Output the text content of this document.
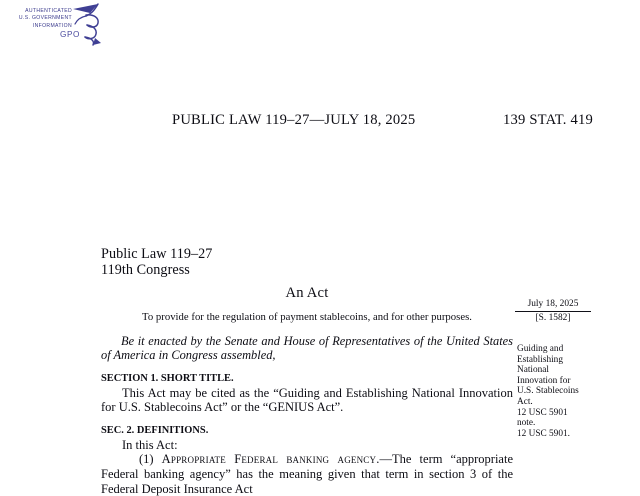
AUTHENTICATED
U.S. GOVERNMENT
INFORMATION
GPO
PUBLIC LAW 119–27—JULY 18, 2025	139 STAT. 419
Public Law 119–27
119th Congress
An Act
To provide for the regulation of payment stablecoins, and for other purposes.
Be it enacted by the Senate and House of Representatives of the United States of America in Congress assembled,
SECTION 1. SHORT TITLE.
This Act may be cited as the “Guiding and Establishing National Innovation for U.S. Stablecoins Act” or the “GENIUS Act”.
SEC. 2. DEFINITIONS.
In this Act:
(1) Appropriate Federal banking agency.—The term “appropriate Federal banking agency” has the meaning given that term in section 3 of the Federal Deposit Insurance Act
July 18, 2025
[S. 1582]
Guiding and
Establishing
National
Innovation for
U.S. Stablecoins
Act.
12 USC 5901
note.
12 USC 5901.
